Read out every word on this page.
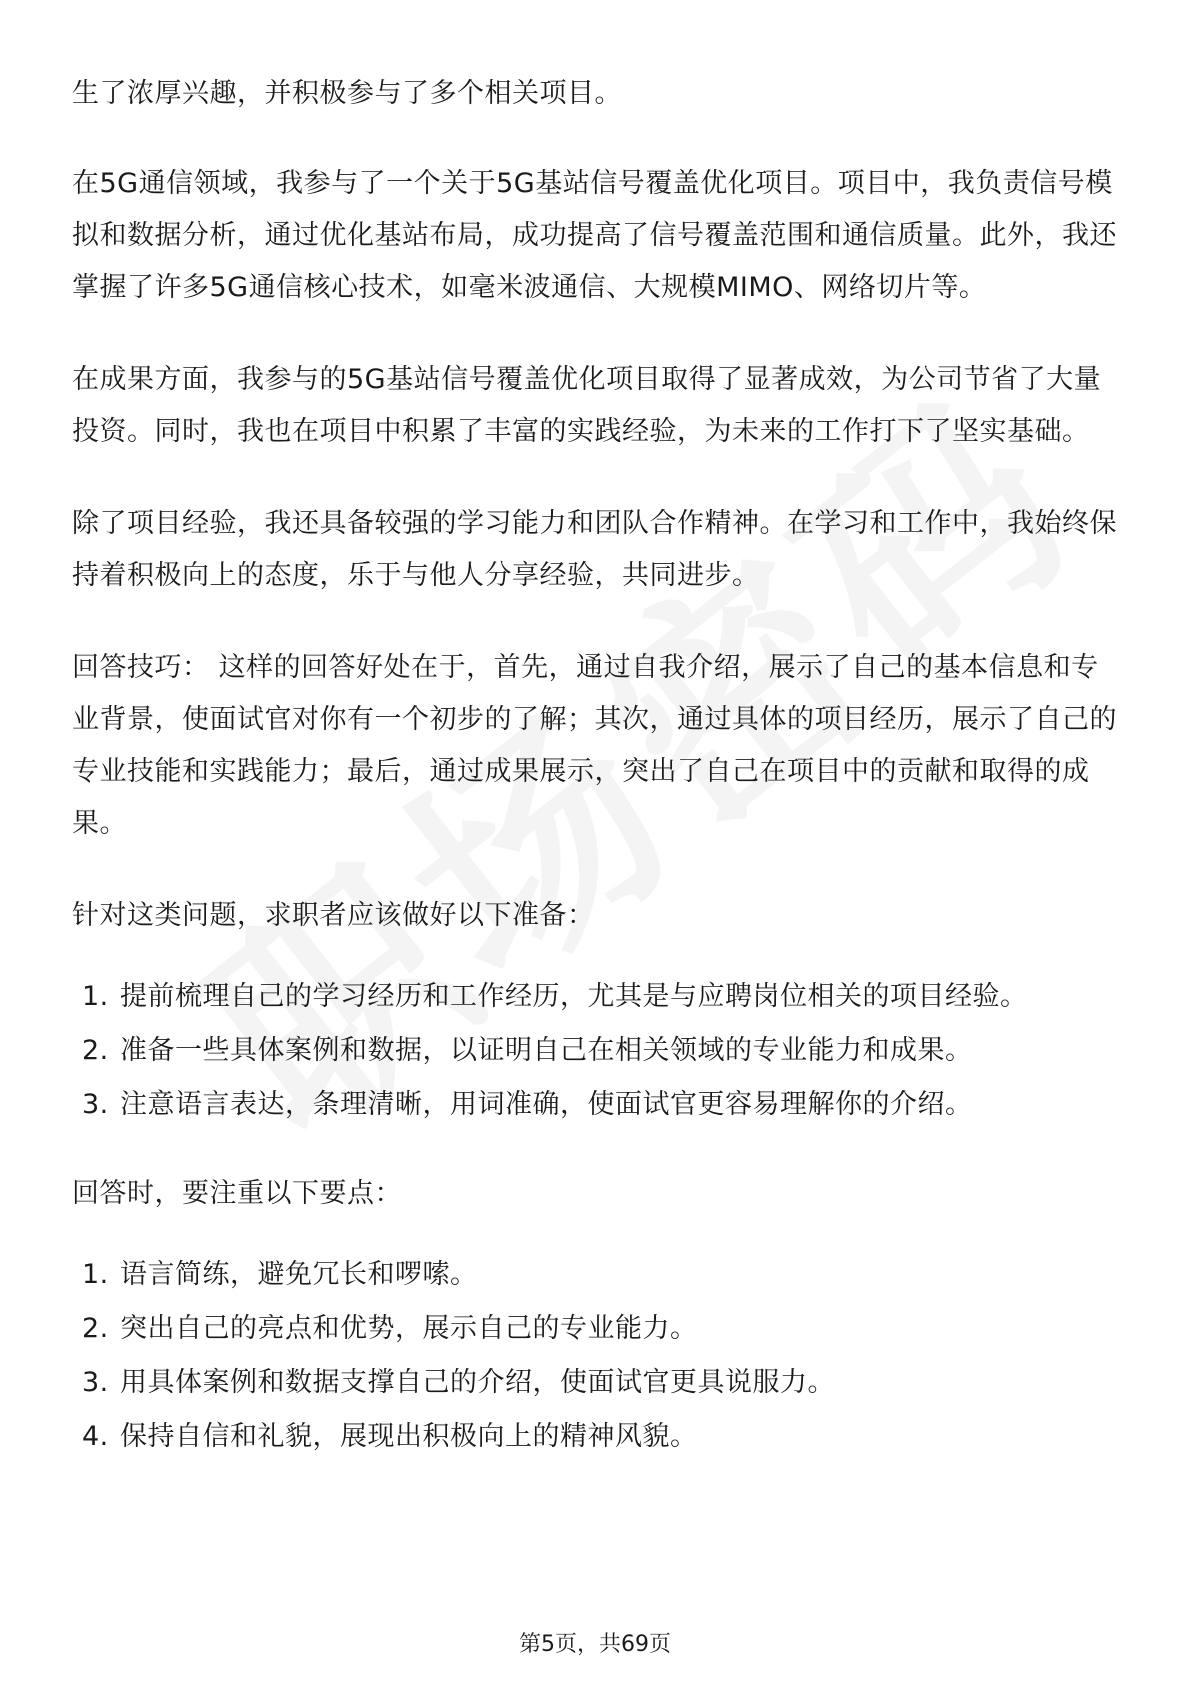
生了浓厚兴趣，并积极参与了多个相关项目。

在5G通信领域，我参与了一个关于5G基站信号覆盖优化项目。项目中，我负责信号模拟和数据分析，通过优化基站布局，成功提高了信号覆盖范围和通信质量。此外，我还掌握了许多5G通信核心技术，如毫米波通信、大规模MIMO、网络切片等。

在成果方面，我参与的5G基站信号覆盖优化项目取得了显著成效，为公司节省了大量投资。同时，我也在项目中积累了丰富的实践经验，为未来的工作打下了坚实基础。

除了项目经验，我还具备较强的学习能力和团队合作精神。在学习和工作中，我始终保持着积极向上的态度，乐于与他人分享经验，共同进步。

回答技巧： 这样的回答好处在于，首先，通过自我介绍，展示了自己的基本信息和专业背景，使面试官对你有一个初步的了解；其次，通过具体的项目经历，展示了自己的专业技能和实践能力；最后，通过成果展示，突出了自己在项目中的贡献和取得的成果。

针对这类问题，求职者应该做好以下准备：

1. 提前梳理自己的学习经历和工作经历，尤其是与应聘岗位相关的项目经验。
2. 准备一些具体案例和数据，以证明自己在相关领域的专业能力和成果。
3. 注意语言表达，条理清晰，用词准确，使面试官更容易理解你的介绍。

回答时，要注重以下要点：

1. 语言简练，避免冗长和啰嗦。
2. 突出自己的亮点和优势，展示自己的专业能力。
3. 用具体案例和数据支撑自己的介绍，使面试官更具说服力。
4. 保持自信和礼貌，展现出积极向上的精神风貌。
第5页，共69页
